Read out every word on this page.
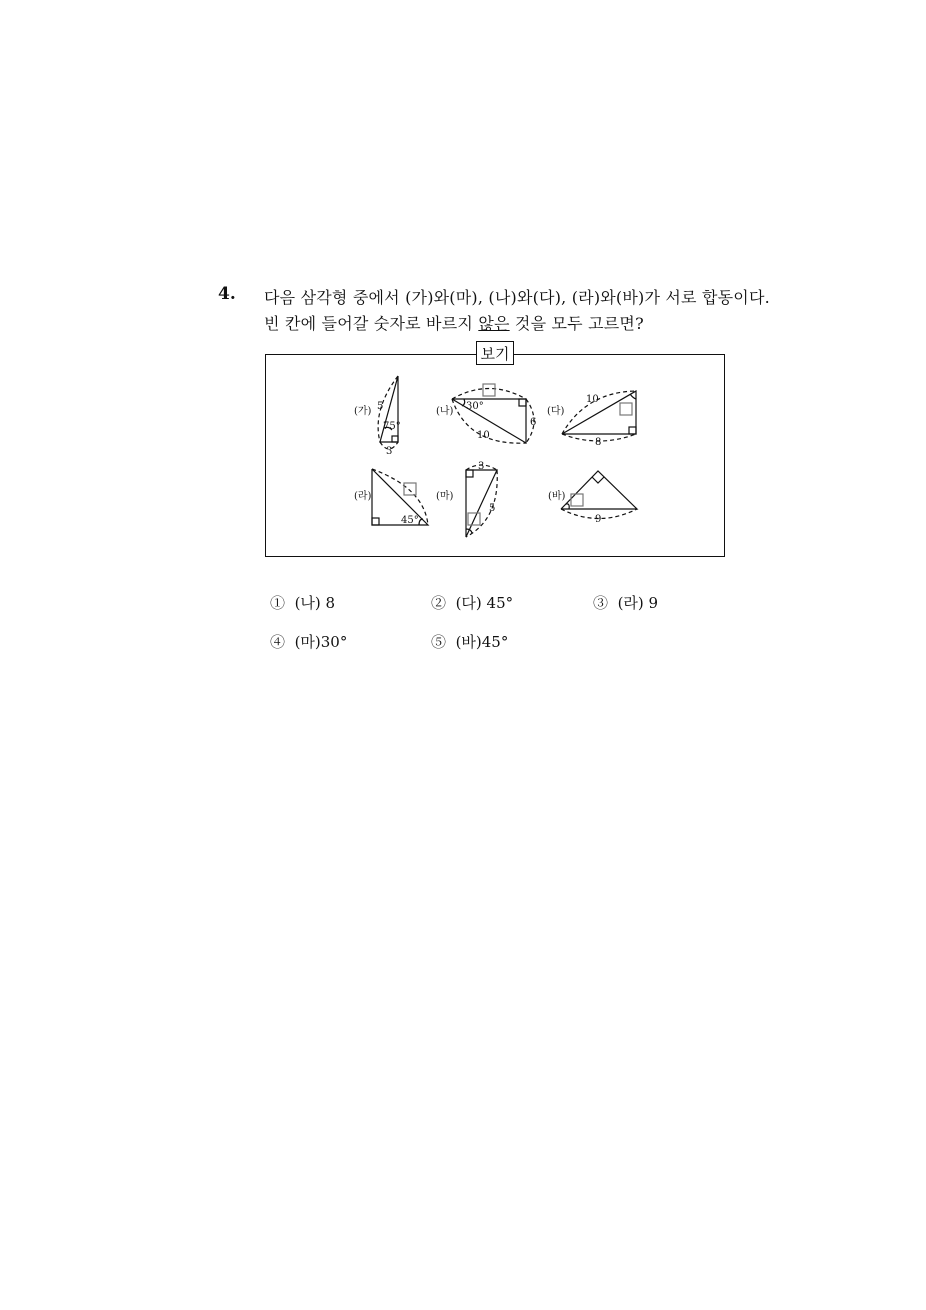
4. 다음 삼각형 중에서 (가)와(마), (나)와(다), (라)와(바)가 서로 합동이다.
빈 칸에 들어갈 숫자로 바르지 않은 것을 모두 고르면?
보기
(가) 5
75°
3
(나) 30°
6
10
(다)
10
8
(라)
45°
(마)
3
5
(바)
9
① (나) 8	② (다) 45°	③ (라) 9
④ (마)30°	⑤ (바)45°
